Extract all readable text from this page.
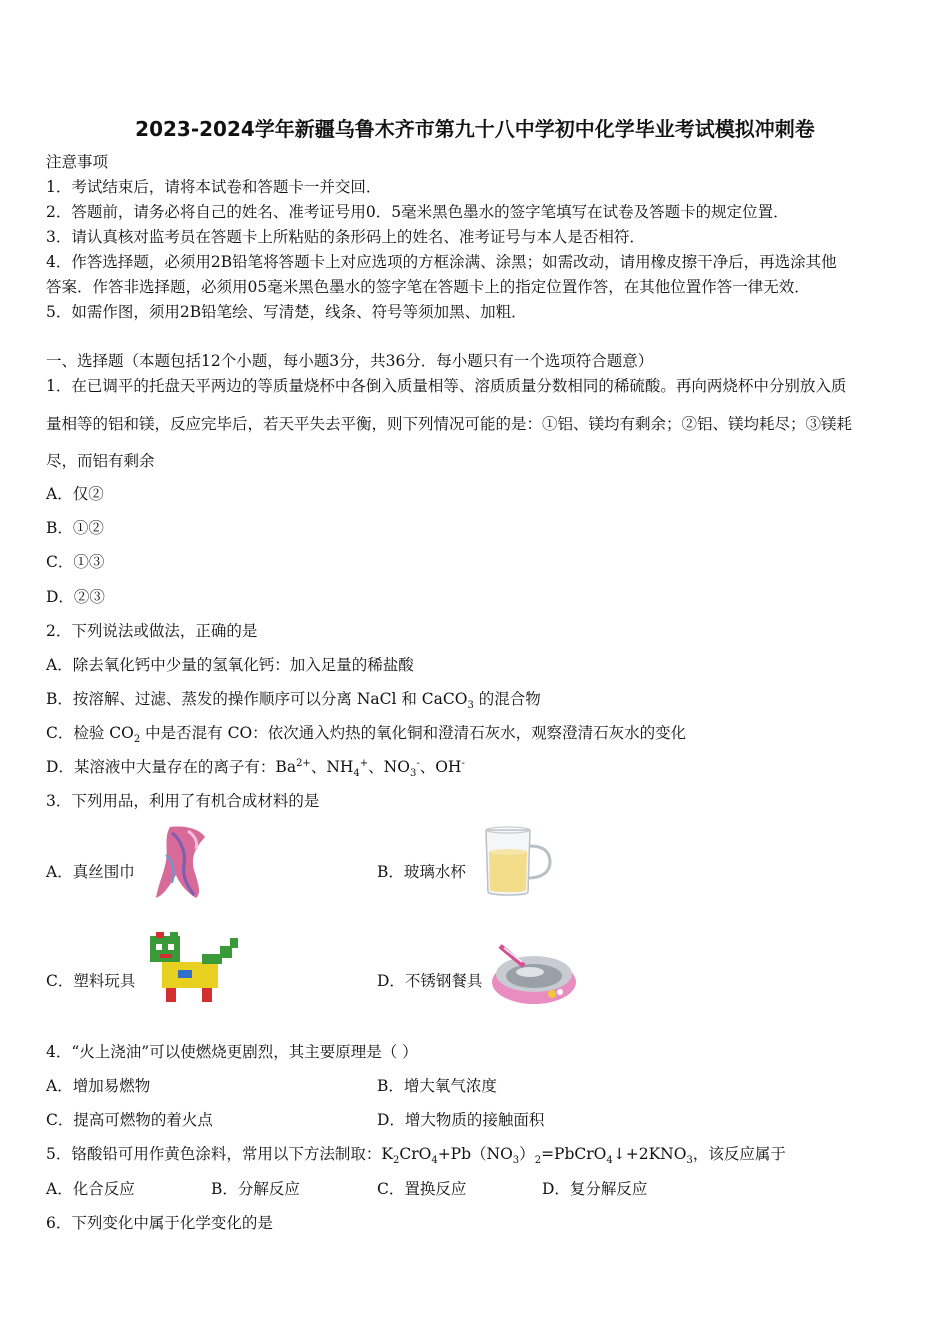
2023-2024学年新疆乌鲁木齐市第九十八中学初中化学毕业考试模拟冲刺卷
注意事项
1．考试结束后，请将本试卷和答题卡一并交回．
2．答题前，请务必将自己的姓名、准考证号用0．5毫米黑色墨水的签字笔填写在试卷及答题卡的规定位置．
3．请认真核对监考员在答题卡上所粘贴的条形码上的姓名、准考证号与本人是否相符．
4．作答选择题，必须用2B铅笔将答题卡上对应选项的方框涂满、涂黑；如需改动，请用橡皮擦干净后，再选涂其他
答案．作答非选择题，必须用05毫米黑色墨水的签字笔在答题卡上的指定位置作答，在其他位置作答一律无效．
5．如需作图，须用2B铅笔绘、写清楚，线条、符号等须加黑、加粗．
一、选择题（本题包括12个小题，每小题3分，共36分．每小题只有一个选项符合题意）
1．在已调平的托盘天平两边的等质量烧杯中各倒入质量相等、溶质质量分数相同的稀硫酸。再向两烧杯中分别放入质
量相等的铝和镁，反应完毕后，若天平失去平衡，则下列情况可能的是：①铝、镁均有剩余；②铝、镁均耗尽；③镁耗
尽，而铝有剩余
A．仅②
B．①②
C．①③
D．②③
2．下列说法或做法，正确的是
A．除去氧化钙中少量的氢氧化钙：加入足量的稀盐酸
B．按溶解、过滤、蒸发的操作顺序可以分离 NaCl 和 CaCO$_3$ 的混合物
C．检验 $CO_2$ 中是否混有 CO：依次通入灼热的氧化铜和澄清石灰水，观察澄清石灰水的变化
D．某溶液中大量存在的离子有：$Ba^{2+}$、$NH_4^+$、$NO_3^-$、OH-
3．下列用品，利用了有机合成材料的是
A．真丝围巾	B．玻璃水杯
C．塑料玩具	D．不锈钢餐具
4．“火上浇油”可以使燃烧更剧烈，其主要原理是（ ）
A．增加易燃物	B．增大氧气浓度
C．提高可燃物的着火点	D．增大物质的接触面积
5．铬酸铅可用作黄色涂料，常用以下方法制取：$K_2CrO_4+Pb(NO_3)_2=PbCrO_4↓+2KNO_3$，该反应属于
A．化合反应	B．分解反应	C．置换反应	D．复分解反应
6．下列变化中属于化学变化的是
